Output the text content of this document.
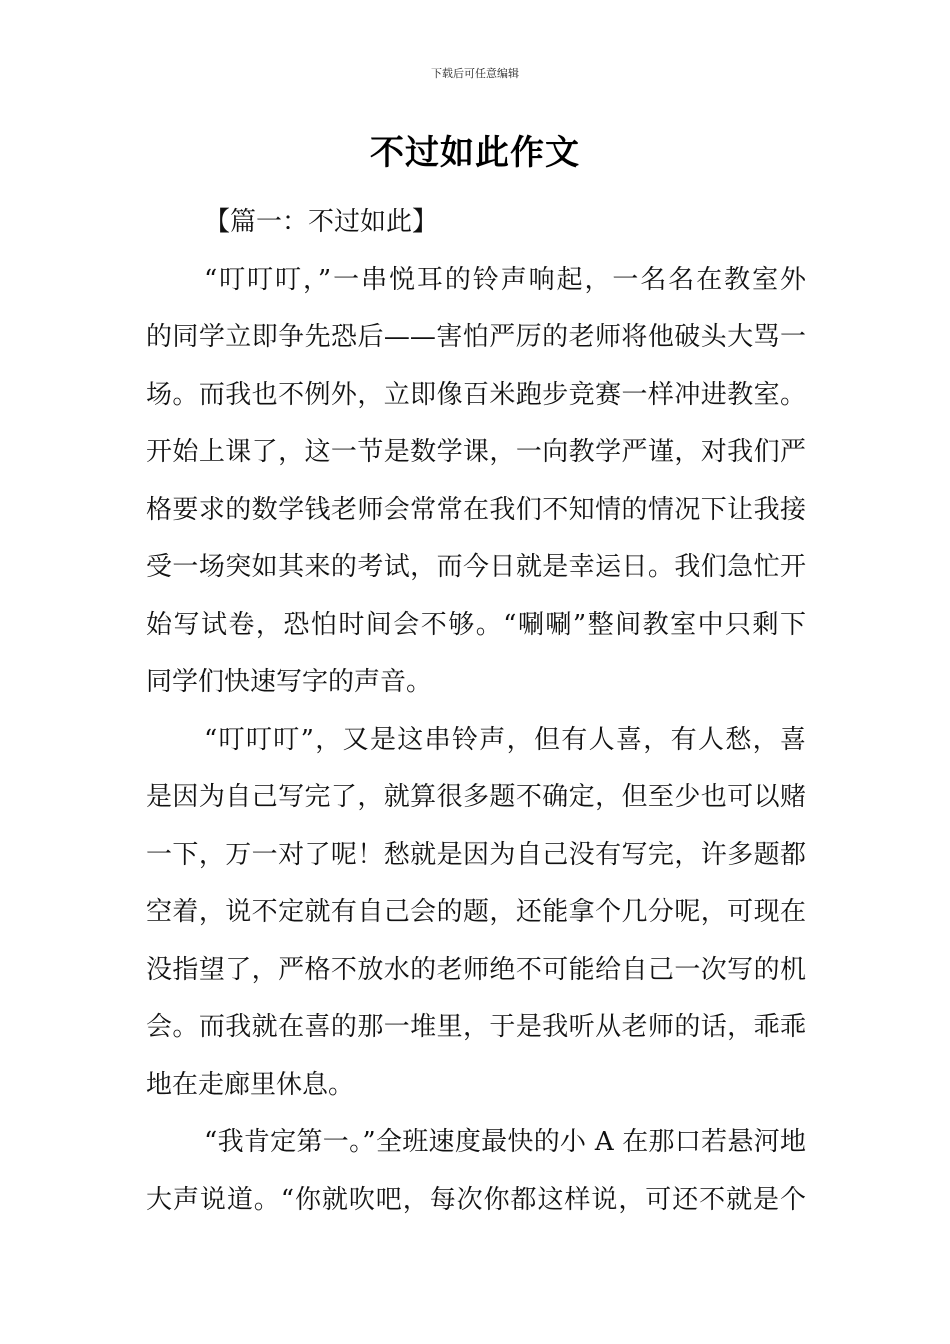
下载后可任意编辑
不过如此作文
【篇一：不过如此】
“叮叮叮，”一串悦耳的铃声响起，一名名在教室外
的同学立即争先恐后——害怕严厉的老师将他破头大骂一
场。而我也不例外，立即像百米跑步竞赛一样冲进教室。
开始上课了，这一节是数学课，一向教学严谨，对我们严
格要求的数学钱老师会常常在我们不知情的情况下让我接
受一场突如其来的考试，而今日就是幸运日。我们急忙开
始写试卷，恐怕时间会不够。“唰唰”整间教室中只剩下
同学们快速写字的声音。
“叮叮叮”，又是这串铃声，但有人喜，有人愁，喜
是因为自己写完了，就算很多题不确定，但至少也可以赌
一下，万一对了呢！愁就是因为自己没有写完，许多题都
空着，说不定就有自己会的题，还能拿个几分呢，可现在
没指望了，严格不放水的老师绝不可能给自己一次写的机
会。而我就在喜的那一堆里，于是我听从老师的话，乖乖
地在走廊里休息。
“我肯定第一。”全班速度最快的小 A 在那口若悬河地
大声说道。“你就吹吧，每次你都这样说，可还不就是个
